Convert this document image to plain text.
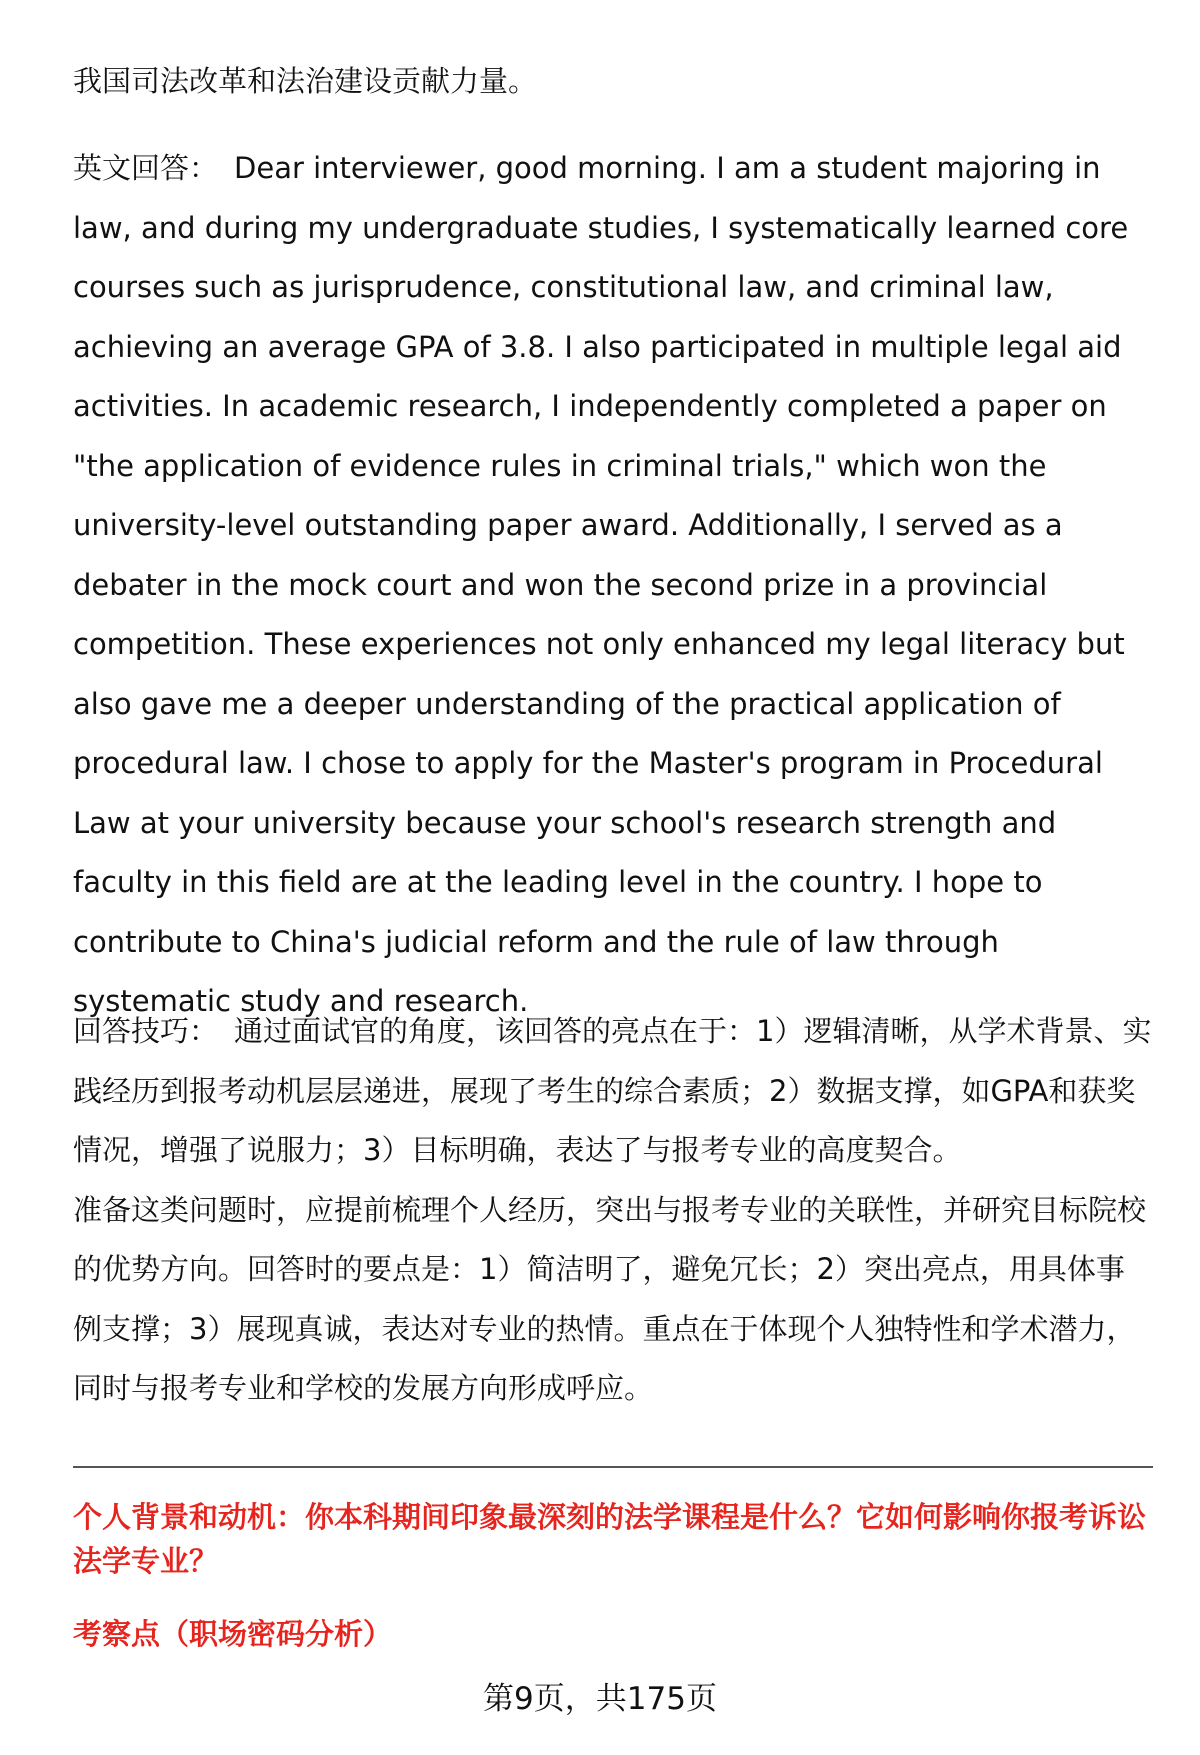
我国司法改革和法治建设贡献力量。

英文回答： Dear interviewer, good morning. I am a student majoring in law, and during my undergraduate studies, I systematically learned core courses such as jurisprudence, constitutional law, and criminal law, achieving an average GPA of 3.8. I also participated in multiple legal aid activities. In academic research, I independently completed a paper on "the application of evidence rules in criminal trials," which won the university-level outstanding paper award. Additionally, I served as a debater in the mock court and won the second prize in a provincial competition. These experiences not only enhanced my legal literacy but also gave me a deeper understanding of the practical application of procedural law. I chose to apply for the Master's program in Procedural Law at your university because your school's research strength and faculty in this field are at the leading level in the country. I hope to contribute to China's judicial reform and the rule of law through systematic study and research.

回答技巧： 通过面试官的角度，该回答的亮点在于：1）逻辑清晰，从学术背景、实践经历到报考动机层层递进，展现了考生的综合素质；2）数据支撑，如GPA和获奖情况，增强了说服力；3）目标明确，表达了与报考专业的高度契合。
准备这类问题时，应提前梳理个人经历，突出与报考专业的关联性，并研究目标院校的优势方向。回答时的要点是：1）简洁明了，避免冗长；2）突出亮点，用具体事例支撑；3）展现真诚，表达对专业的热情。重点在于体现个人独特性和学术潜力，同时与报考专业和学校的发展方向形成呼应。

个人背景和动机：你本科期间印象最深刻的法学课程是什么？它如何影响你报考诉讼法学专业？

考察点（职场密码分析）

第9页，共175页
